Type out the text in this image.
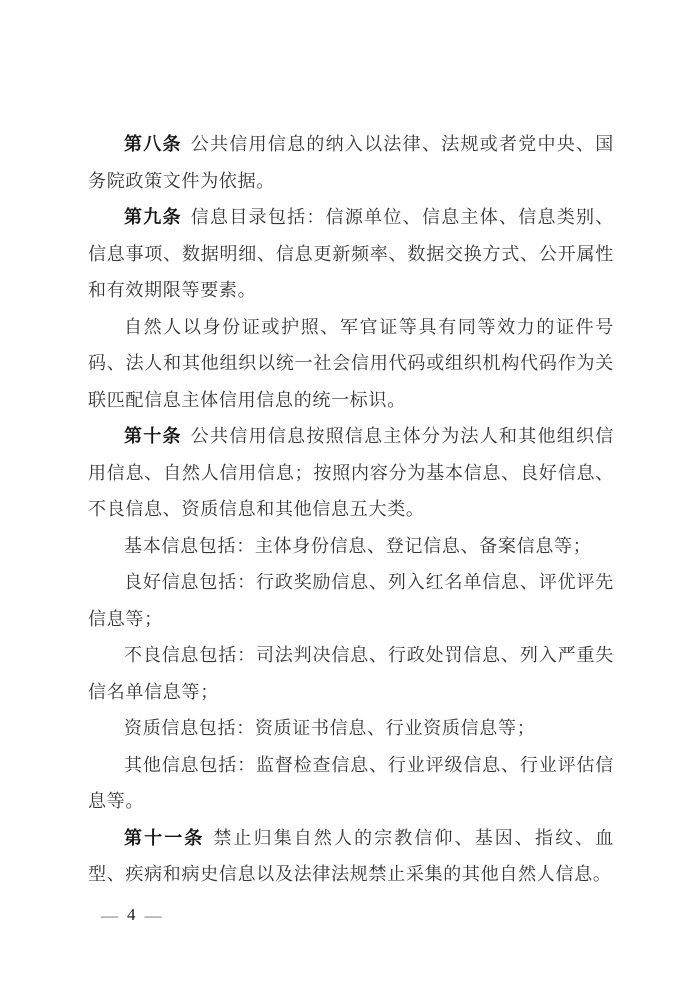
第八条 公共信用信息的纳入以法律、法规或者党中央、国务院政策文件为依据。

第九条 信息目录包括：信源单位、信息主体、信息类别、信息事项、数据明细、信息更新频率、数据交换方式、公开属性和有效期限等要素。

自然人以身份证或护照、军官证等具有同等效力的证件号码、法人和其他组织以统一社会信用代码或组织机构代码作为关联匹配信息主体信用信息的统一标识。

第十条 公共信用信息按照信息主体分为法人和其他组织信用信息、自然人信用信息；按照内容分为基本信息、良好信息、不良信息、资质信息和其他信息五大类。

基本信息包括：主体身份信息、登记信息、备案信息等；

良好信息包括：行政奖励信息、列入红名单信息、评优评先信息等；

不良信息包括：司法判决信息、行政处罚信息、列入严重失信名单信息等；

资质信息包括：资质证书信息、行业资质信息等；

其他信息包括：监督检查信息、行业评级信息、行业评估信息等。

第十一条 禁止归集自然人的宗教信仰、基因、指纹、血型、疾病和病史信息以及法律法规禁止采集的其他自然人信息。

— 4 —
